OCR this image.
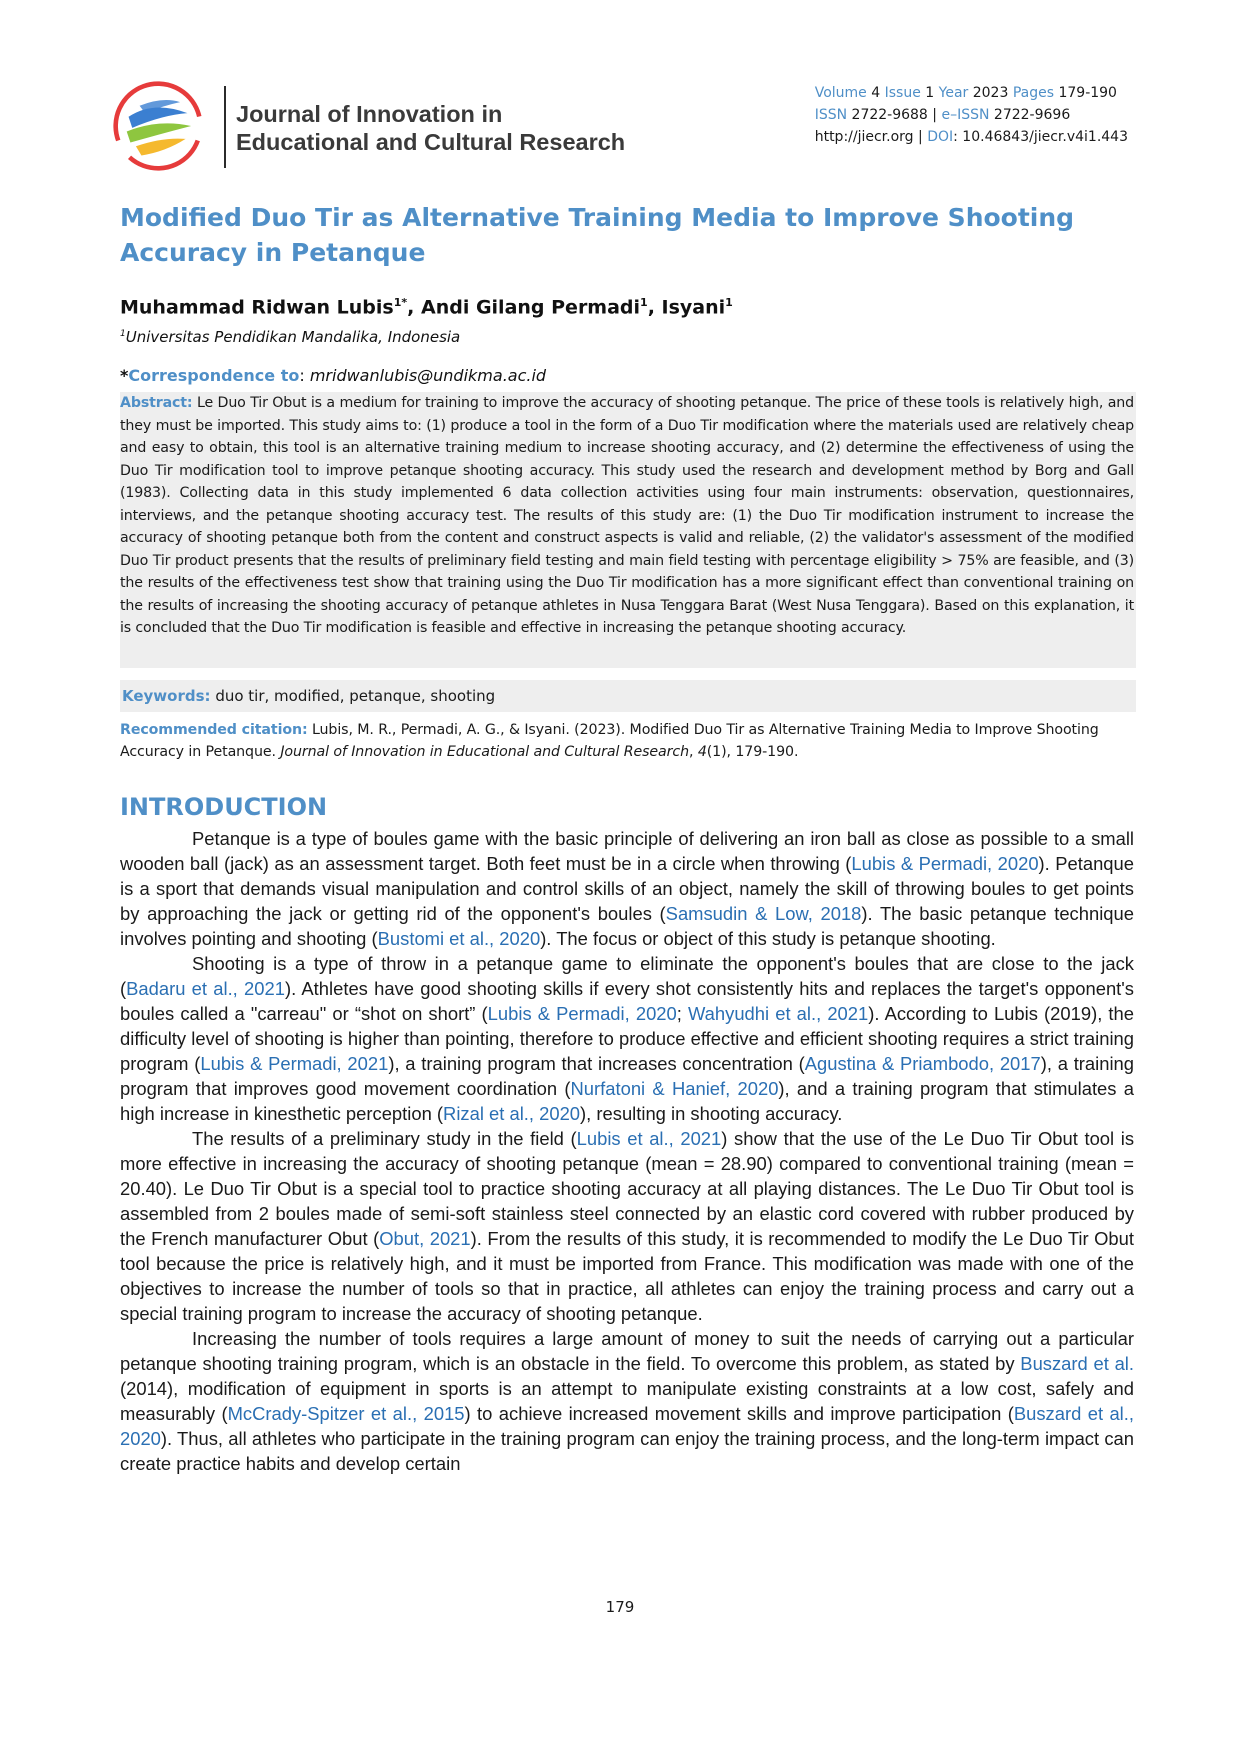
Journal of Innovation in
Educational and Cultural Research
Volume 4 Issue 1 Year 2023 Pages 179-190
ISSN 2722-9688 | e–ISSN 2722-9696
http://jiecr.org | DOI: 10.46843/jiecr.v4i1.443
Modified Duo Tir as Alternative Training Media to Improve Shooting Accuracy in Petanque
Muhammad Ridwan Lubis$^{1*}$, Andi Gilang Permadi$^1$, Isyani$^1$
$^1$Universitas Pendidikan Mandalika, Indonesia
*Correspondence to: mridwanlubis@undikma.ac.id
Abstract: Le Duo Tir Obut is a medium for training to improve the accuracy of shooting petanque. The price of these tools is relatively high, and they must be imported. This study aims to: (1) produce a tool in the form of a Duo Tir modification where the materials used are relatively cheap and easy to obtain, this tool is an alternative training medium to increase shooting accuracy, and (2) determine the effectiveness of using the Duo Tir modification tool to improve petanque shooting accuracy. This study used the research and development method by Borg and Gall (1983). Collecting data in this study implemented 6 data collection activities using four main instruments: observation, questionnaires, interviews, and the petanque shooting accuracy test. The results of this study are: (1) the Duo Tir modification instrument to increase the accuracy of shooting petanque both from the content and construct aspects is valid and reliable, (2) the validator's assessment of the modified Duo Tir product presents that the results of preliminary field testing and main field testing with percentage eligibility > 75% are feasible, and (3) the results of the effectiveness test show that training using the Duo Tir modification has a more significant effect than conventional training on the results of increasing the shooting accuracy of petanque athletes in Nusa Tenggara Barat (West Nusa Tenggara). Based on this explanation, it is concluded that the Duo Tir modification is feasible and effective in increasing the petanque shooting accuracy.
Keywords: duo tir, modified, petanque, shooting
Recommended citation: Lubis, M. R., Permadi, A. G., & Isyani. (2023). Modified Duo Tir as Alternative Training Media to Improve Shooting Accuracy in Petanque. Journal of Innovation in Educational and Cultural Research, 4(1), 179-190.
INTRODUCTION

Petanque is a type of boules game with the basic principle of delivering an iron ball as close as possible to a small wooden ball (jack) as an assessment target. Both feet must be in a circle when throwing (Lubis & Permadi, 2020). Petanque is a sport that demands visual manipulation and control skills of an object, namely the skill of throwing boules to get points by approaching the jack or getting rid of the opponent's boules (Samsudin & Low, 2018). The basic petanque technique involves pointing and shooting (Bustomi et al., 2020). The focus or object of this study is petanque shooting.

Shooting is a type of throw in a petanque game to eliminate the opponent's boules that are close to the jack (Badaru et al., 2021). Athletes have good shooting skills if every shot consistently hits and replaces the target's opponent's boules called a "carreau" or “shot on short” (Lubis & Permadi, 2020; Wahyudhi et al., 2021). According to Lubis (2019), the difficulty level of shooting is higher than pointing, therefore to produce effective and efficient shooting requires a strict training program (Lubis & Permadi, 2021), a training program that increases concentration (Agustina & Priambodo, 2017), a training program that improves good movement coordination (Nurfatoni & Hanief, 2020), and a training program that stimulates a high increase in kinesthetic perception (Rizal et al., 2020), resulting in shooting accuracy.

The results of a preliminary study in the field (Lubis et al., 2021) show that the use of the Le Duo Tir Obut tool is more effective in increasing the accuracy of shooting petanque (mean = 28.90) compared to conventional training (mean = 20.40). Le Duo Tir Obut is a special tool to practice shooting accuracy at all playing distances. The Le Duo Tir Obut tool is assembled from 2 boules made of semi-soft stainless steel connected by an elastic cord covered with rubber produced by the French manufacturer Obut (Obut, 2021). From the results of this study, it is recommended to modify the Le Duo Tir Obut tool because the price is relatively high, and it must be imported from France. This modification was made with one of the objectives to increase the number of tools so that in practice, all athletes can enjoy the training process and carry out a special training program to increase the accuracy of shooting petanque.

Increasing the number of tools requires a large amount of money to suit the needs of carrying out a particular petanque shooting training program, which is an obstacle in the field. To overcome this problem, as stated by Buszard et al. (2014), modification of equipment in sports is an attempt to manipulate existing constraints at a low cost, safely and measurably (McCrady-Spitzer et al., 2015) to achieve increased movement skills and improve participation (Buszard et al., 2020). Thus, all athletes who participate in the training program can enjoy the training process, and the long-term impact can create practice habits and develop certain

179
